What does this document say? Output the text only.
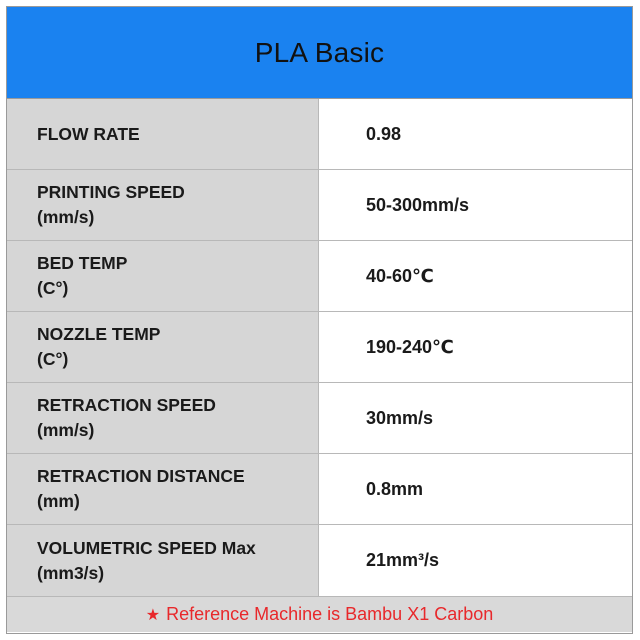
PLA Basic
FLOW RATE	0.98
PRINTING SPEED
(mm/s)
50-300mm/s
BED TEMP
(C°)
40-60℃
NOZZLE TEMP
(C°)
190-240℃
RETRACTION SPEED
(mm/s)
30mm/s
RETRACTION DISTANCE
(mm)
0.8mm
VOLUMETRIC SPEED Max
(mm3/s)
21mm³/s
★ Reference Machine is Bambu X1 Carbon
